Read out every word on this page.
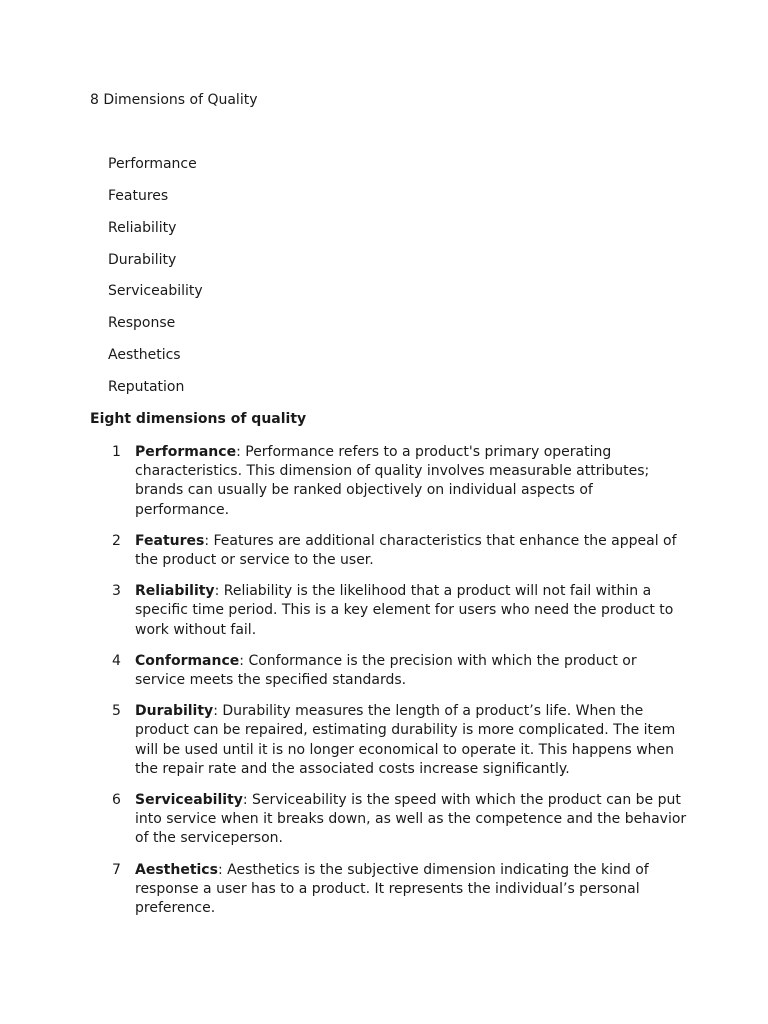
8 Dimensions of Quality
Performance
Features
Reliability
Durability
Serviceability
Response
Aesthetics
Reputation
Eight dimensions of quality
1 Performance: Performance refers to a product's primary operating characteristics. This dimension of quality involves measurable attributes; brands can usually be ranked objectively on individual aspects of performance.
2 Features: Features are additional characteristics that enhance the appeal of the product or service to the user.
3 Reliability: Reliability is the likelihood that a product will not fail within a specific time period. This is a key element for users who need the product to work without fail.
4 Conformance: Conformance is the precision with which the product or service meets the specified standards.
5 Durability: Durability measures the length of a product’s life. When the product can be repaired, estimating durability is more complicated. The item will be used until it is no longer economical to operate it. This happens when the repair rate and the associated costs increase significantly.
6 Serviceability: Serviceability is the speed with which the product can be put into service when it breaks down, as well as the competence and the behavior of the serviceperson.
7 Aesthetics: Aesthetics is the subjective dimension indicating the kind of response a user has to a product. It represents the individual’s personal preference.
